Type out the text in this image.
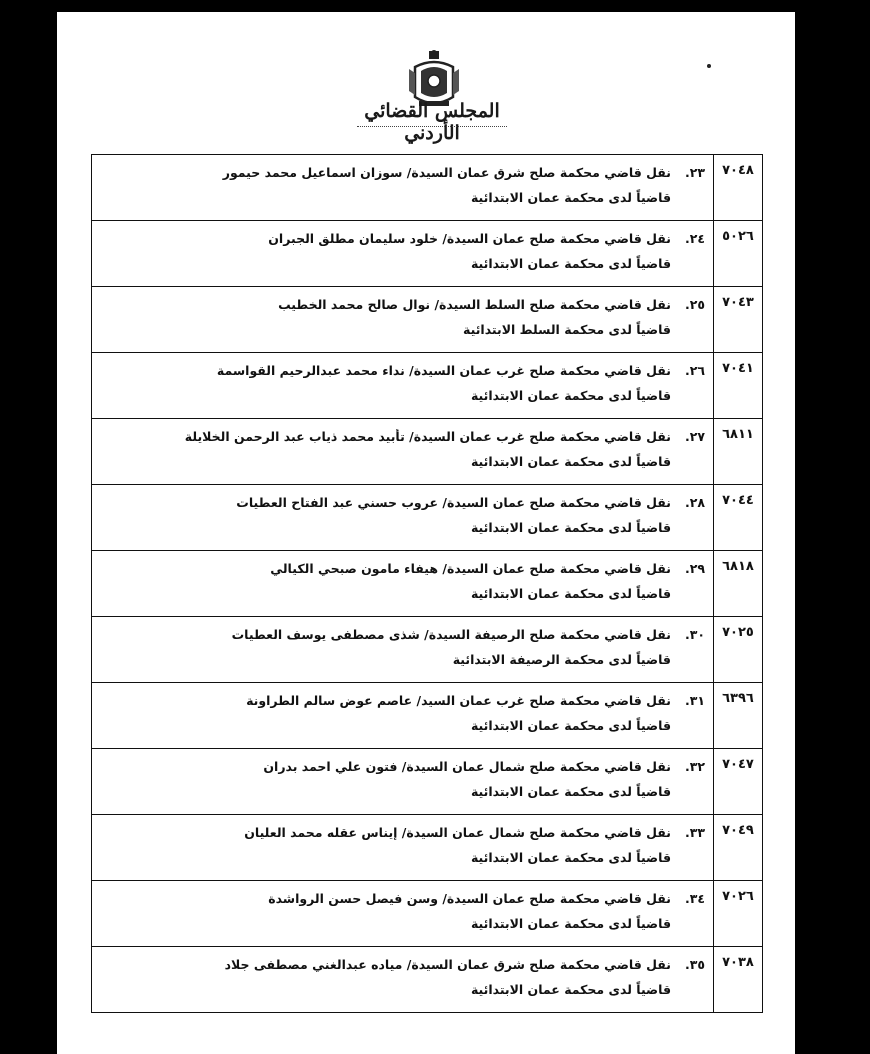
المجلس القضائي الأردني
٧٠٤٨	٢٣.
نقل قاضي محكمة صلح شرق عمان السيدة/ سوزان اسماعيل محمد حيمور
قاضياً لدى محكمة عمان الابتدائية

٥٠٢٦	٢٤.
نقل قاضي محكمة صلح عمان السيدة/ خلود سليمان مطلق الجبران
قاضياً لدى محكمة عمان الابتدائية

٧٠٤٣	٢٥.
نقل قاضي محكمة صلح السلط السيدة/ نوال صالح محمد الخطيب
قاضياً لدى محكمة السلط الابتدائية

٧٠٤١	٢٦.
نقل قاضي محكمة صلح غرب عمان السيدة/ نداء محمد عبدالرحيم القواسمة
قاضياً لدى محكمة عمان الابتدائية

٦٨١١	٢٧.
نقل قاضي محكمة صلح غرب عمان السيدة/ تأبيد محمد ذياب عبد الرحمن الخلايلة
قاضياً لدى محكمة عمان الابتدائية

٧٠٤٤	٢٨.
نقل قاضي محكمة صلح عمان السيدة/ عروب حسني عبد الفتاح العطيات
قاضياً لدى محكمة عمان الابتدائية

٦٨١٨	٢٩.
نقل قاضي محكمة صلح عمان السيدة/ هيفاء مامون صبحي الكيالي
قاضياً لدى محكمة عمان الابتدائية

٧٠٢٥	٣٠.
نقل قاضي محكمة صلح الرصيفة السيدة/ شذى مصطفى يوسف العطيات
قاضياً لدى محكمة الرصيفة الابتدائية

٦٣٩٦	٣١.
نقل قاضي محكمة صلح غرب عمان السيد/ عاصم عوض سالم الطراونة
قاضياً لدى محكمة عمان الابتدائية

٧٠٤٧	٣٢.
نقل قاضي محكمة صلح شمال عمان السيدة/ فتون علي احمد بدران
قاضياً لدى محكمة عمان الابتدائية

٧٠٤٩	٣٣.
نقل قاضي محكمة صلح شمال عمان السيدة/ إيناس عقله محمد العليان
قاضياً لدى محكمة عمان الابتدائية

٧٠٢٦	٣٤.
نقل قاضي محكمة صلح عمان السيدة/ وسن فيصل حسن الرواشدة
قاضياً لدى محكمة عمان الابتدائية

٧٠٣٨	٣٥.
نقل قاضي محكمة صلح شرق عمان السيدة/ مياده عبدالغني مصطفى جلاد
قاضياً لدى محكمة عمان الابتدائية
